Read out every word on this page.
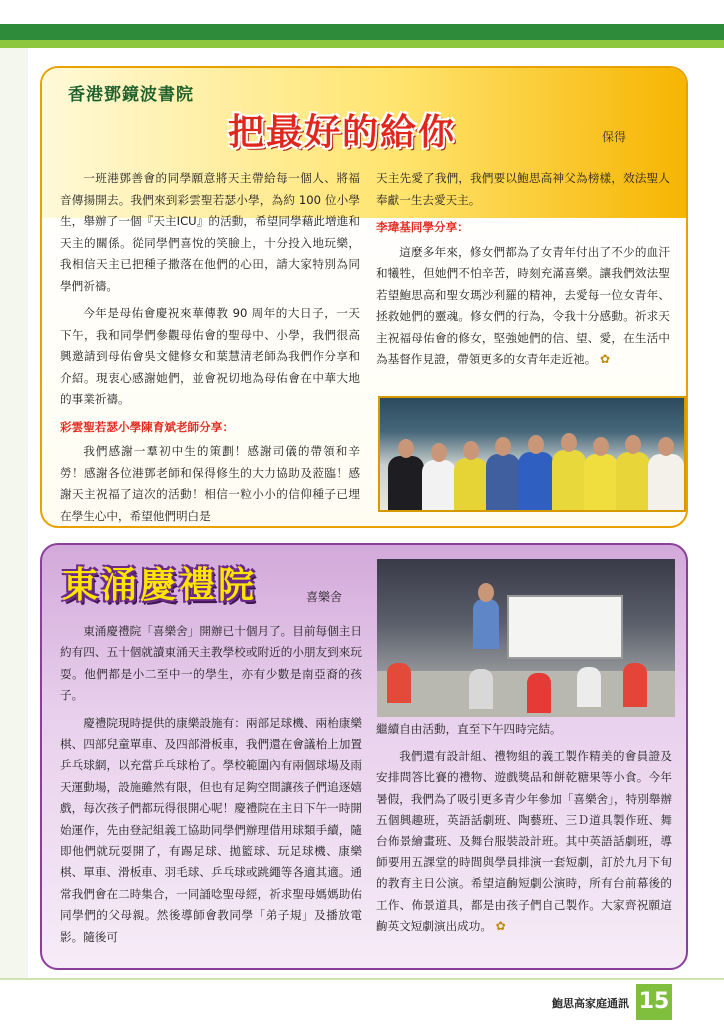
香港鄧鏡波書院
把最好的給你	保得

一班港鄧善會的同學願意將天主帶給每一個人、將福音傳揚開去。我們來到彩雲聖若瑟小學，為約 100 位小學生，舉辦了一個『天主ICU』的活動，希望同學藉此增進和天主的關係。從同學們喜悅的笑臉上，十分投入地玩樂，我相信天主已把種子撒落在他們的心田，請大家特別為同學們祈禱。

今年是母佑會慶祝來華傳教 90 周年的大日子，一天下午，我和同學們參觀母佑會的聖母中、小學，我們很高興邀請到母佑會吳文健修女和葉慧清老師為我們作分享和介紹。現衷心感謝她們，並會祝切地為母佑會在中華大地的事業祈禱。

彩雲聖若瑟小學陳育斌老師分享：

我們感謝一羣初中生的策劃！感謝司儀的帶領和辛勞！感謝各位港鄧老師和保得修生的大力協助及蒞臨！感謝天主祝福了這次的活動！相信一粒小小的信仰種子已埋在學生心中，希望他們明白是

天主先愛了我們，我們要以鮑思高神父為榜樣，效法聖人奉獻一生去愛天主。

李瑋基同學分享：

這麼多年來，修女們都為了女青年付出了不少的血汗和犧牲，但她們不怕辛苦，時刻充滿喜樂。讓我們效法聖若望鮑思高和聖女瑪沙利羅的精神，去愛每一位女青年、拯救她們的靈魂。修女們的行為，令我十分感動。祈求天主祝福母佑會的修女，堅強她們的信、望、愛，在生活中為基督作見證，帶領更多的女青年走近祂。 ✿

東涌慶禮院	喜樂舍

東涌慶禮院「喜樂舍」開辦已十個月了。目前每個主日約有四、五十個就讀東涌天主教學校或附近的小朋友到來玩耍。他們都是小二至中一的學生，亦有少數是南亞裔的孩子。

慶禮院現時提供的康樂設施有：兩部足球機、兩枱康樂棋、四部兒童單車、及四部滑板車，我們還在會議枱上加置乒乓球網，以充當乒乓球枱了。學校範圍內有兩個球場及雨天運動場，設施雖然有限，但也有足夠空間讓孩子們追逐嬉戲，每次孩子們都玩得很開心呢！慶禮院在主日下午一時開始運作，先由登記組義工協助同學們辦理借用球類手續，隨即他們就玩耍開了，有踢足球、拋籃球、玩足球機、康樂棋、單車、滑板車、羽毛球、乒乓球或跳繩等各適其適。通常我們會在二時集合，一同誦唸聖母經，祈求聖母媽媽助佑同學們的父母親。然後導師會教同學「弟子規」及播放電影。隨後可

繼續自由活動，直至下午四時完結。

我們還有設計組、禮物組的義工製作精美的會員證及安排問答比賽的禮物、遊戲獎品和餅乾糖果等小食。今年暑假，我們為了吸引更多青少年參加「喜樂舍」，特別舉辦五個興趣班，英語話劇班、陶藝班、三Ｄ道具製作班、舞台佈景繪畫班、及舞台服裝設計班。其中英語話劇班，導師要用五課堂的時間與學員排演一套短劇，訂於九月下旬的教育主日公演。希望這齣短劇公演時，所有台前幕後的工作、佈景道具，都是由孩子們自己製作。大家齊祝願這齣英文短劇演出成功。 ✿

鮑思高家庭通訊 15
